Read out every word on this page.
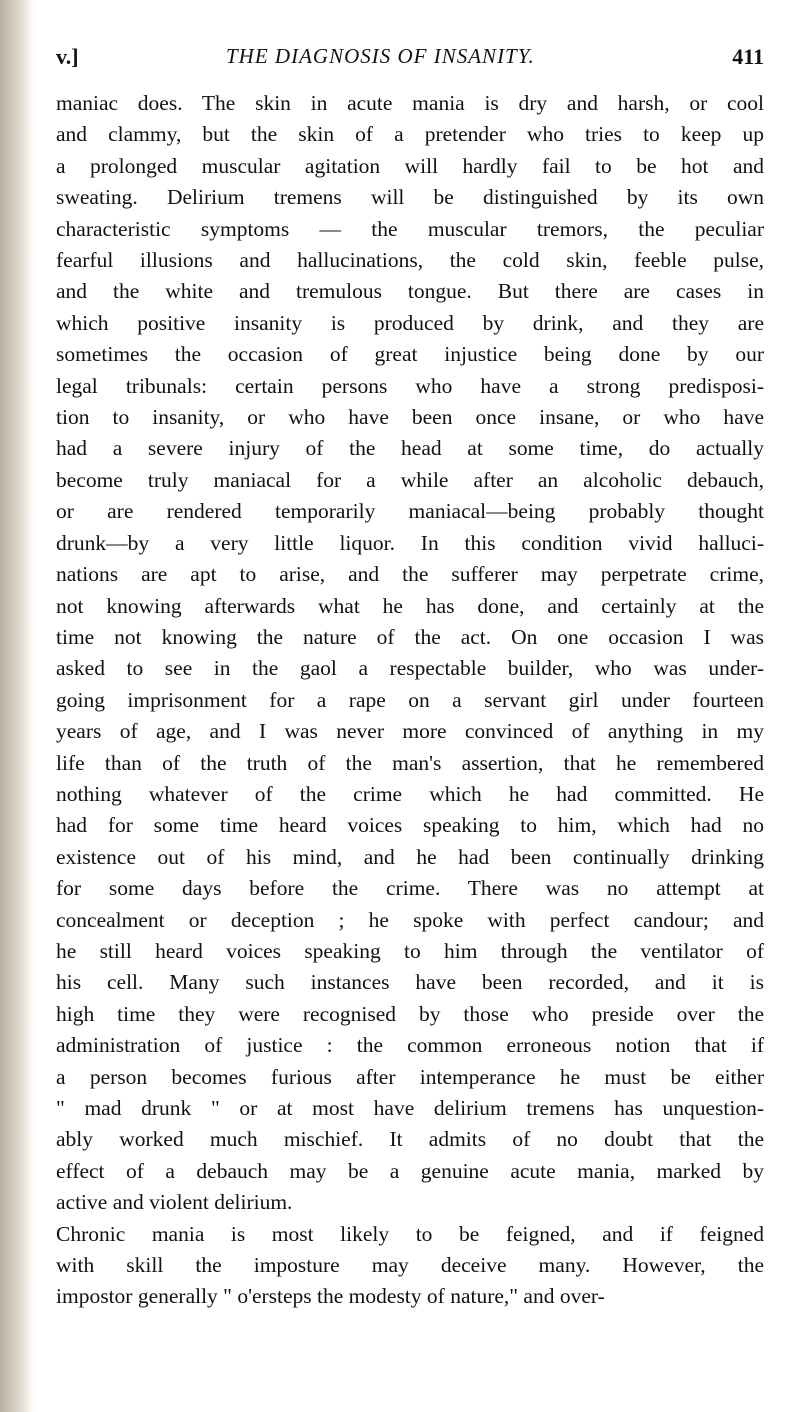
v.]	THE DIAGNOSIS OF INSANITY.	411

maniac does. The skin in acute mania is dry and harsh, or cool
and clammy, but the skin of a pretender who tries to keep up
a prolonged muscular agitation will hardly fail to be hot and
sweating. Delirium tremens will be distinguished by its own
characteristic symptoms — the muscular tremors, the peculiar
fearful illusions and hallucinations, the cold skin, feeble pulse,
and the white and tremulous tongue. But there are cases in
which positive insanity is produced by drink, and they are
sometimes the occasion of great injustice being done by our
legal tribunals: certain persons who have a strong predisposi-
tion to insanity, or who have been once insane, or who have
had a severe injury of the head at some time, do actually
become truly maniacal for a while after an alcoholic debauch,
or are rendered temporarily maniacal—being probably thought
drunk—by a very little liquor. In this condition vivid halluci-
nations are apt to arise, and the sufferer may perpetrate crime,
not knowing afterwards what he has done, and certainly at the
time not knowing the nature of the act. On one occasion I was
asked to see in the gaol a respectable builder, who was under-
going imprisonment for a rape on a servant girl under fourteen
years of age, and I was never more convinced of anything in my
life than of the truth of the man's assertion, that he remembered
nothing whatever of the crime which he had committed. He
had for some time heard voices speaking to him, which had no
existence out of his mind, and he had been continually drinking
for some days before the crime. There was no attempt at
concealment or deception ; he spoke with perfect candour; and
he still heard voices speaking to him through the ventilator of
his cell. Many such instances have been recorded, and it is
high time they were recognised by those who preside over the
administration of justice : the common erroneous notion that if
a person becomes furious after intemperance he must be either
" mad drunk " or at most have delirium tremens has unquestion-
ably worked much mischief. It admits of no doubt that the
effect of a debauch may be a genuine acute mania, marked by
active and violent delirium.

Chronic mania is most likely to be feigned, and if feigned
with skill the imposture may deceive many. However, the
impostor generally " o'ersteps the modesty of nature," and over-
